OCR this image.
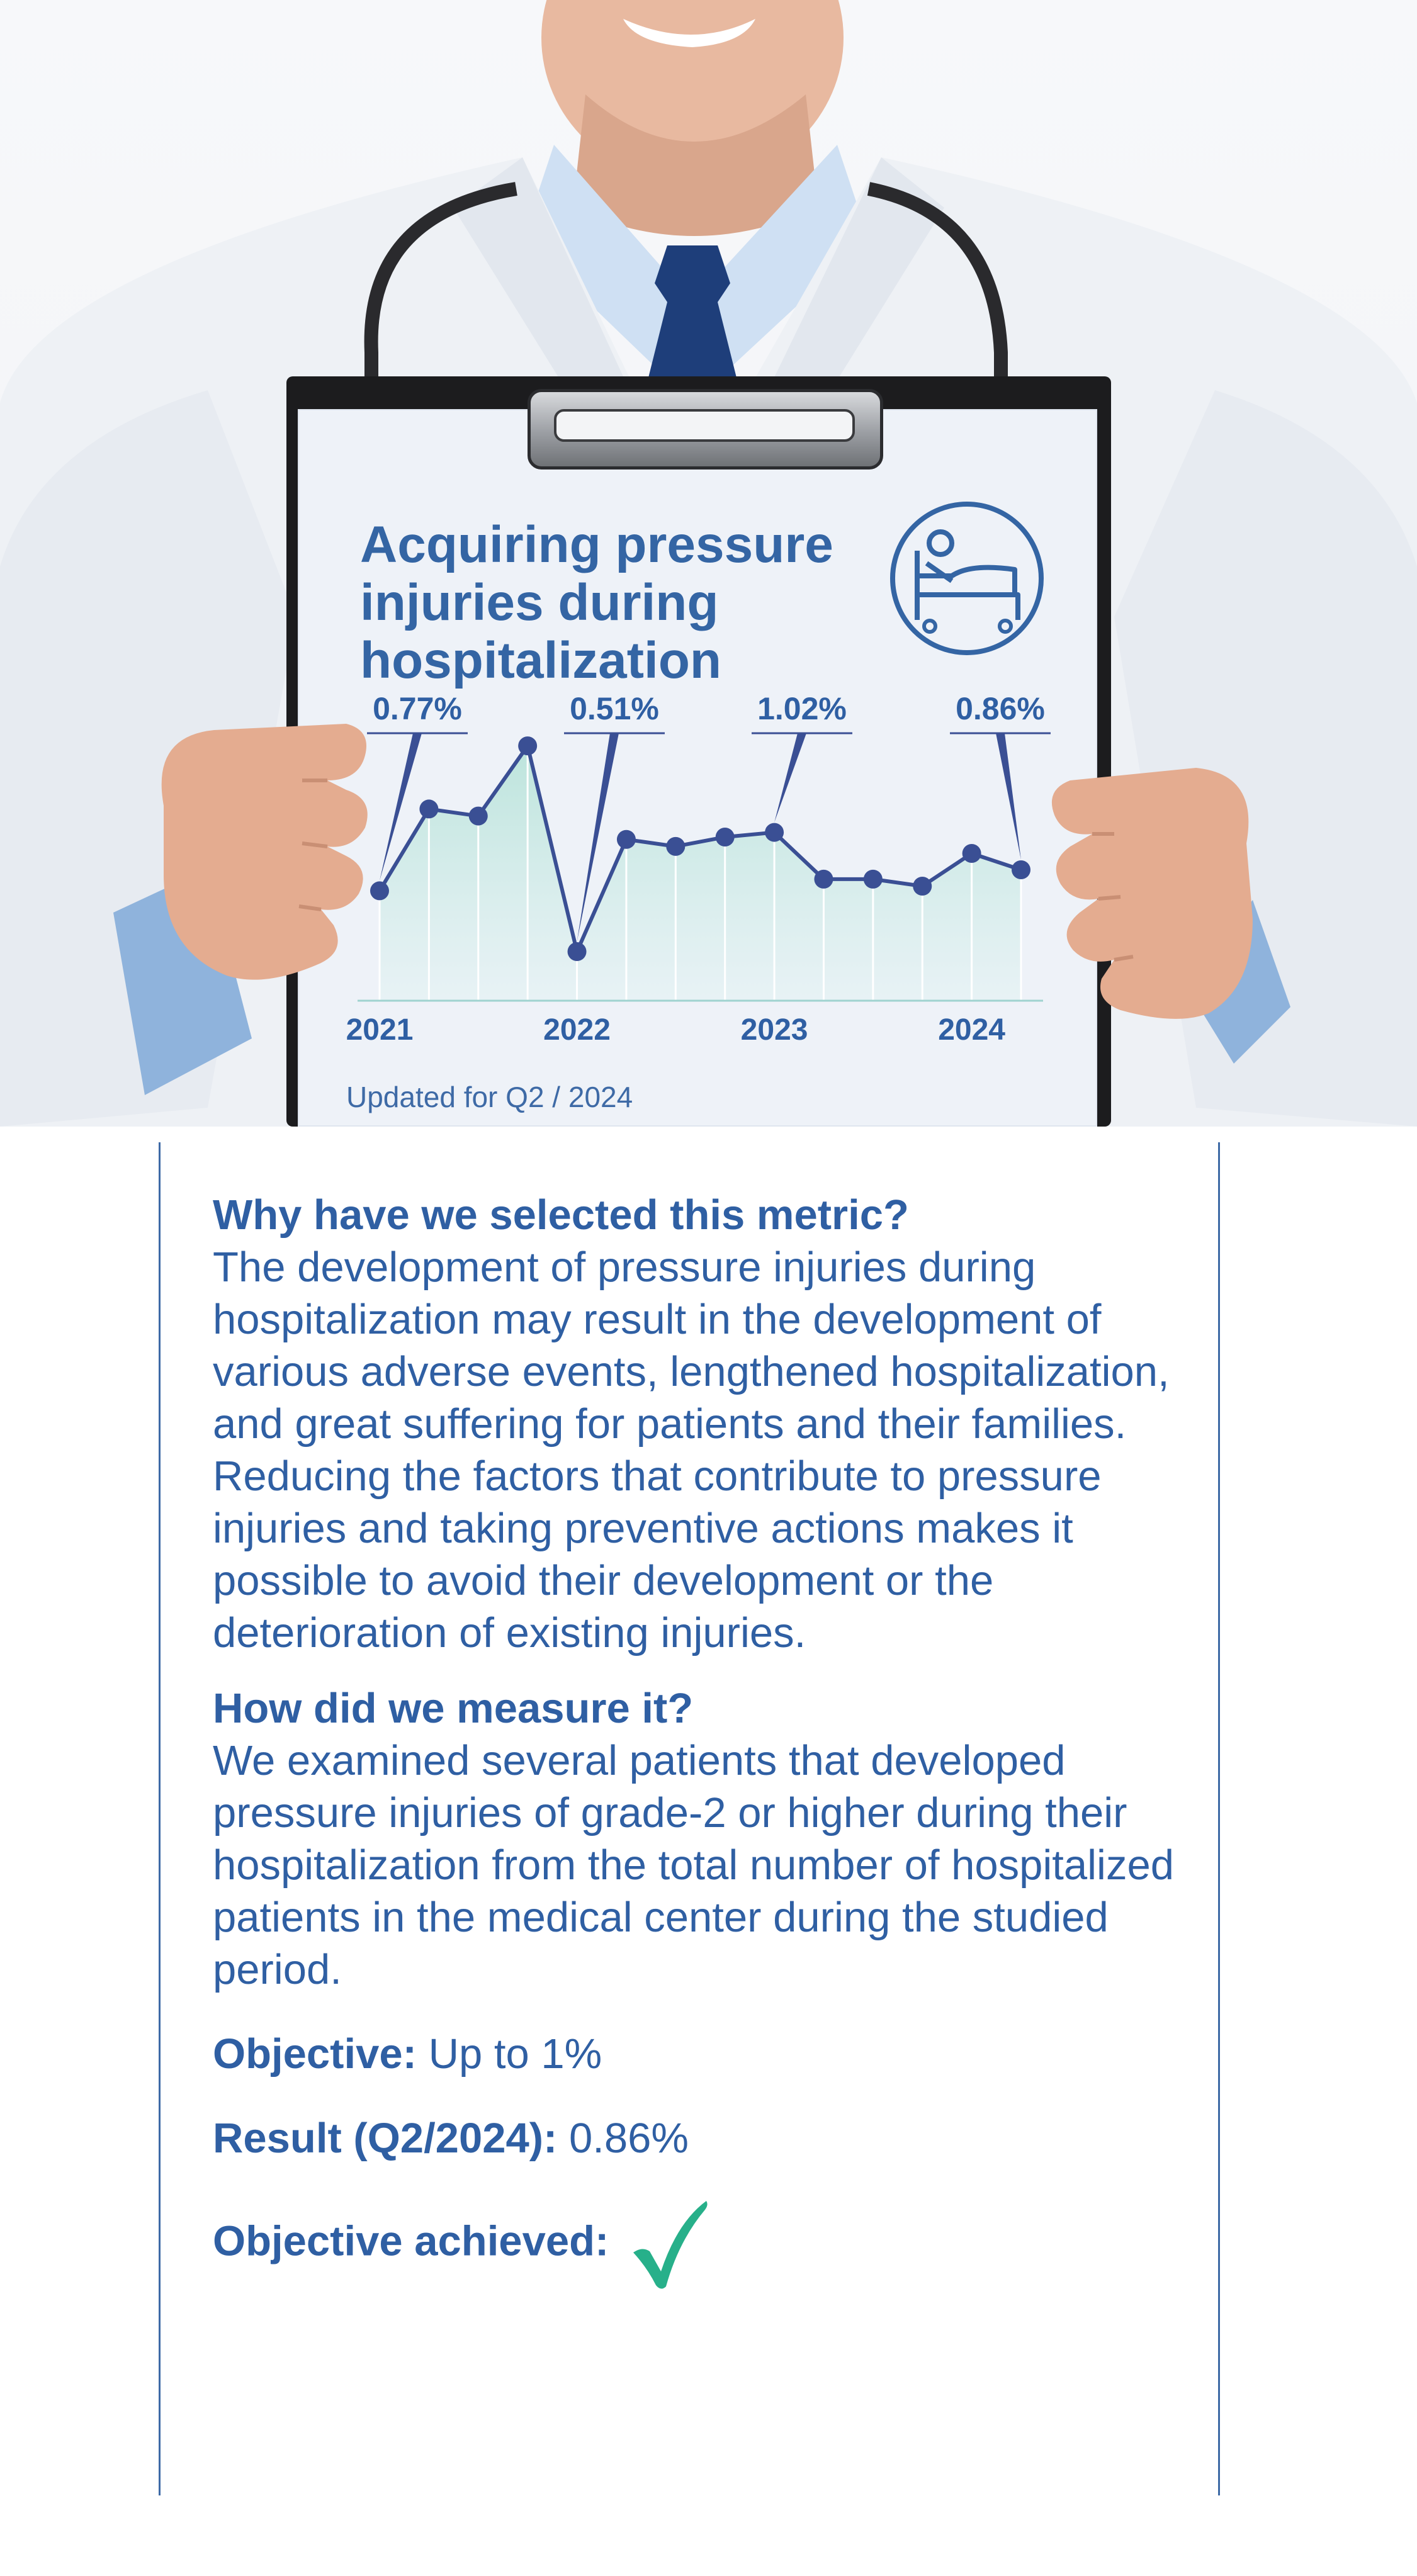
Acquiring pressure injuries during hospitalization
2021	2022	2023	2024
0.77%	0.51%	1.02%	0.86%
Updated for Q2 / 2024
Why have we selected this metric?
The development of pressure injuries during hospitalization may result in the development of various adverse events, lengthened hospitalization, and great suffering for patients and their families. Reducing the factors that contribute to pressure injuries and taking preventive actions makes it possible to avoid their development or the deterioration of existing injuries.
How did we measure it?
We examined several patients that developed pressure injuries of grade-2 or higher during their hospitalization from the total number of hospitalized patients in the medical center during the studied period.
Objective: Up to 1%
Result (Q2/2024): 0.86%
Objective achieved:
